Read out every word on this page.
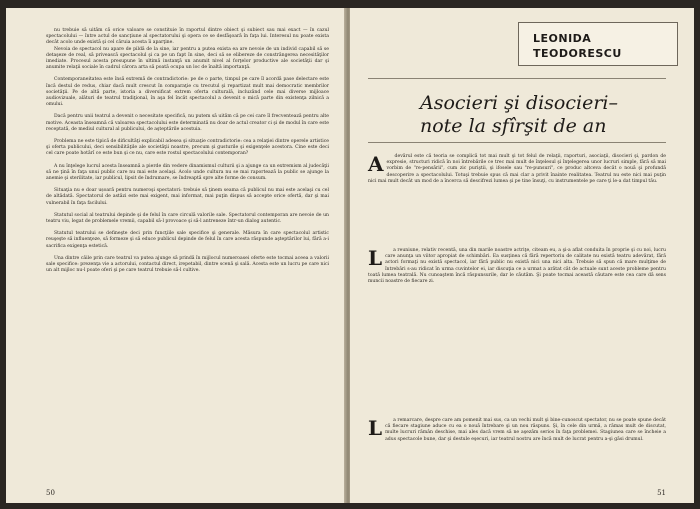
nu trebuie să uităm că orice valoare se constituie în raportul dintre obiect şi subiect sau mai exact — în cazul spectacolului — între actul de sancţiune al spectatorului şi opera ce se desfăşoară în faţa lui. Interesul nu poate exista decât acolo unde există şi cel căruia acesta îi aparţine.

Nevoia de spectacol nu apare de pildă de la sine, iar pentru a putea exista ea are nevoie de un individ capabil să se detaşeze de real, să privească spectacolul şi ca pe un fapt în sine, deci să se elibereze de constrângerea necesităţilor imediate. Procesul acesta presupune în ultimă instanţă un anumit nivel al forţelor productive ale societăţii dar şi anumite relaţii sociale în cadrul cărora arta să poată ocupa un loc de înaltă importanţă.

Contemporaneitatea este însă extremă de contradictorie: pe de o parte, timpul pe care îl acordă pase delectare este încă destul de redus, chiar dacă mult crescut în comparaţie cu trecutul şi repartizat mult mai democratic membrilor societăţii. Pe de altă parte, istoria a diversificat extrem oferta culturală, incluzând cele mai diverse mijloace audiovizuale, alături de teatrul tradiţional, în aşa fel încât spectacolul a devenit o mică parte din existenţa zilnică a omului.

Dacă pentru unii teatrul a devenit o necesitate specifică, nu putem să uităm că pe cei care îl frecventează pentru alte motive. Aceasta înseamnă că valoarea spectacolului este determinată nu doar de actul creator ci şi de modul în care este receptată, de mediul cultural al publicului, de aşteptările acestuia.

Problema ne este tipică de dificultăţi explicabil adesea şi situaţie contradictorie: cea a relaţiei dintre operele artistice şi oferta publicului, deci sensibilităţile ale societăţii noastre, precum şi gusturile şi exigenţele acestora. Cine este deci cel care poate hotărî ce este bun şi ce nu, care este rostul spectacolului contemporan?

A nu înţelege lucrul acesta înseamnă a pierde din vedere dinamismul culturii şi a ajunge ca un extremism al judecăţii să ne ţină în faţa unui public care nu mai este acelaşi. Acolo unde cultura nu se mai raportează la public se ajunge la anemie şi sterilitate, iar publicul, lipsit de îndrumare, se îndreaptă spre alte forme de consum.

Situaţia nu e doar ușoară pentru numeroşi spectatori: trebuie să ţinem seama că publicul nu mai este acelaşi cu cel de altădată. Spectatorul de astăzi este mai exigent, mai informat, mai puţin dispus să accepte orice ofertă, dar şi mai vulnerabil în faţa facilului.

Statutul social al teatrului depinde şi de felul în care circulă valorile sale. Spectatorul contemporan are nevoie de un teatru viu, legat de problemele vremii, capabil să-l provoace şi să-l antreneze într-un dialog autentic.

Statutul teatrului se defineşte deci prin funcţiile sale specifice şi generale. Măsura în care spectacolul artistic reuşeşte să influenţeze, să formeze şi să educe publicul depinde de felul în care acesta răspunde aşteptărilor lui, fără a-i sacrifica exigenţa estetică.

Una dintre căile prin care teatrul va putea ajunge să prindă în mijlocul numeroasei oferte este tocmai aceea a valorii sale specifice: prezenţa vie a actorului, contactul direct, irepetabil, dintre scenă şi sală. Acesta este un lucru pe care nici un alt mijloc nu-l poate oferi şi pe care teatrul trebuie să-l cultive.

50
LEONIDA
TEODORESCU
Asocieri şi disocieri–
note la sfîrşit de an
A	devărul este că teoria se complică tot mai mult şi tot felul de relaţii, raporturi, asociaţii, disocieri şi, pardon de expresie, structuri ridică în noi întrebările ce trec mai mult de înţelesul şi înţelegerea unor lucruri simple, fără să mai vorbim de "re-pensării", cum zic puriştii, şi ifosele sau "re-punsuri", ce produc altceva decât o nouă şi profundă descoperire a spectacolului. Totuşi trebuie spus că mai clar a privit înainte realitatea. Teatrul nu este nici mai puţin nici mai mult decât un mod de a încerca să descifrezi lumea şi pe tine însuţi, cu instrumentele pe care ţi le-a dat timpul tău.

L	a reuniune, relativ recentă, una din marile noastre actriţe, citeam eu, a şi-a aflat conduita în proprie şi cu noi, lucru care anunţa un viitor apropiat de schimbări. Ea susţinea că fără repertoriu de calitate nu există teatru adevărat, fără actori formaţi nu există spectacol, iar fără public nu există nici una nici alta. Trebuie să spun că mare mulţime de întrebări s-au ridicat în urma cuvintelor ei, iar discuţia ce a urmat a arătat cât de actuale sunt aceste probleme pentru toată lumea teatrală. Nu cunoaştem încă răspunsurile, dar le căutăm. Şi poate tocmai această căutare este cea care dă sens muncii noastre de fiecare zi.

L	a remarcare, despre care am pomenit mai sus, ca un vechi mult şi bine-cunoscut spectator, nu se poate spune decât că fiecare stagiune aduce cu ea o nouă întrebare şi un nou răspuns. Şi, în cele din urmă, a rămas mult de discutat, multe lucruri rămân deschise, mai ales dacă vrem să ne aşezăm serios în faţa problemei. Stagiunea care se încheie a adus spectacole bune, dar şi destule eşecuri, iar teatrul nostru are încă mult de lucrat pentru a-şi găsi drumul.

51
